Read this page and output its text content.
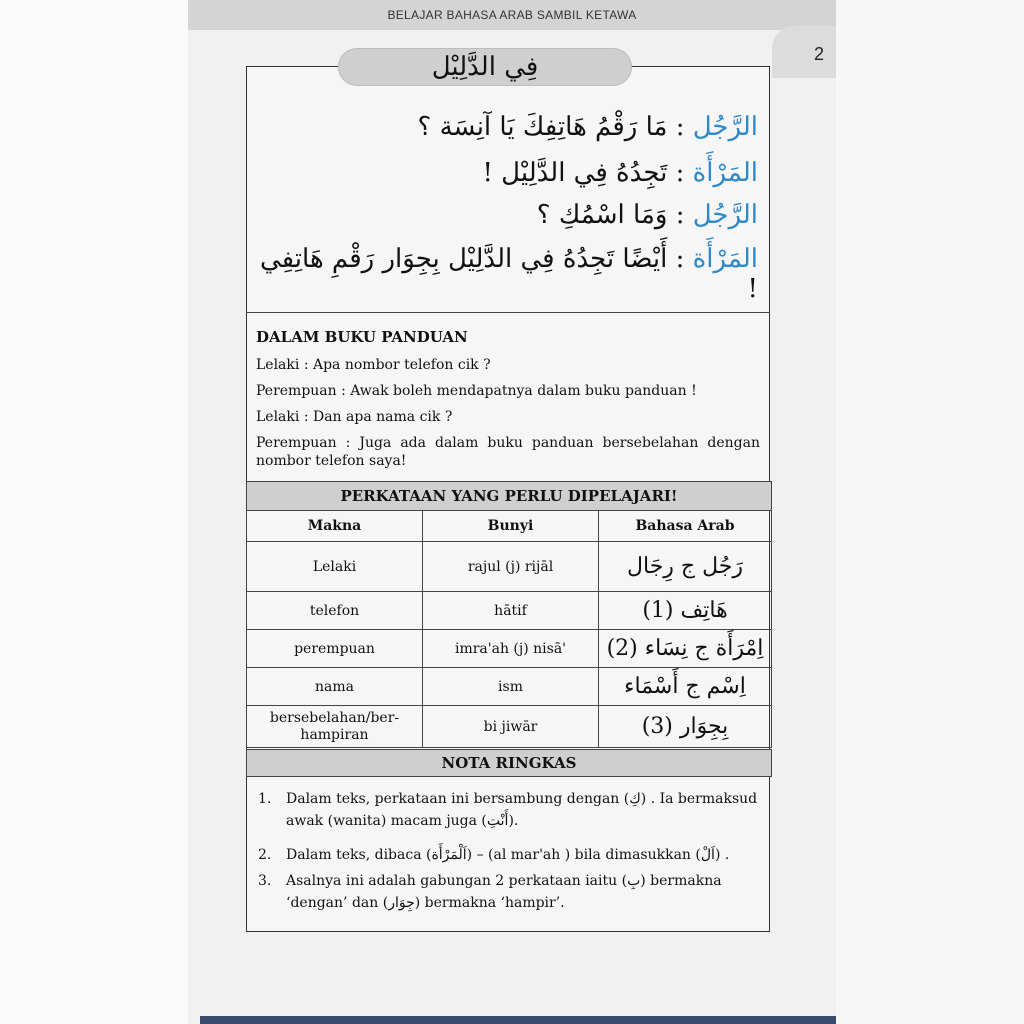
BELAJAR BAHASA ARAB SAMBIL KETAWA
2
فِي الدَّلِيْل
الرَّجُل : مَا رَقْمُ هَاتِفِكَ يَا آنِسَة ؟
المَرْأَة : تَجِدُهُ فِي الدَّلِيْل !
الرَّجُل : وَمَا اسْمُكِ ؟
المَرْأَة : أَيْضًا تَجِدُهُ فِي الدَّلِيْل بِجِوَار رَقْمِ هَاتِفِي !
DALAM BUKU PANDUAN
Lelaki : Apa nombor telefon cik ?
Perempuan : Awak boleh mendapatnya dalam buku panduan !
Lelaki : Dan apa nama cik ?
Perempuan : Juga ada dalam buku panduan bersebelahan dengan nombor telefon saya!
PERKATAAN YANG PERLU DIPELAJARI!		
Makna	Bunyi	Bahasa Arab
Lelaki	rajul (j) rijāl	رَجُل ج رِجَال
telefon	hātif	هَاتِف (1)
perempuan	imra'ah (j) nisā'	اِمْرَأَة ج نِسَاء (2)
nama	ism	اِسْم ج أَسْمَاء
bersebelahan/ber-hampiran	bi jiwār	بِجِوَار (3)
NOTA RINGKAS
1. Dalam teks, perkataan ini bersambung dengan (كِ) . Ia bermaksud awak (wanita) macam juga (أَنْتِ).
2. Dalam teks, dibaca (اَلْمَرْأَة) – (al mar'ah ) bila dimasukkan (اَلْ) .
3. Asalnya ini adalah gabungan 2 perkataan iaitu (بِ) bermakna ‘dengan’ dan (جِوَار) bermakna ‘hampir’.
